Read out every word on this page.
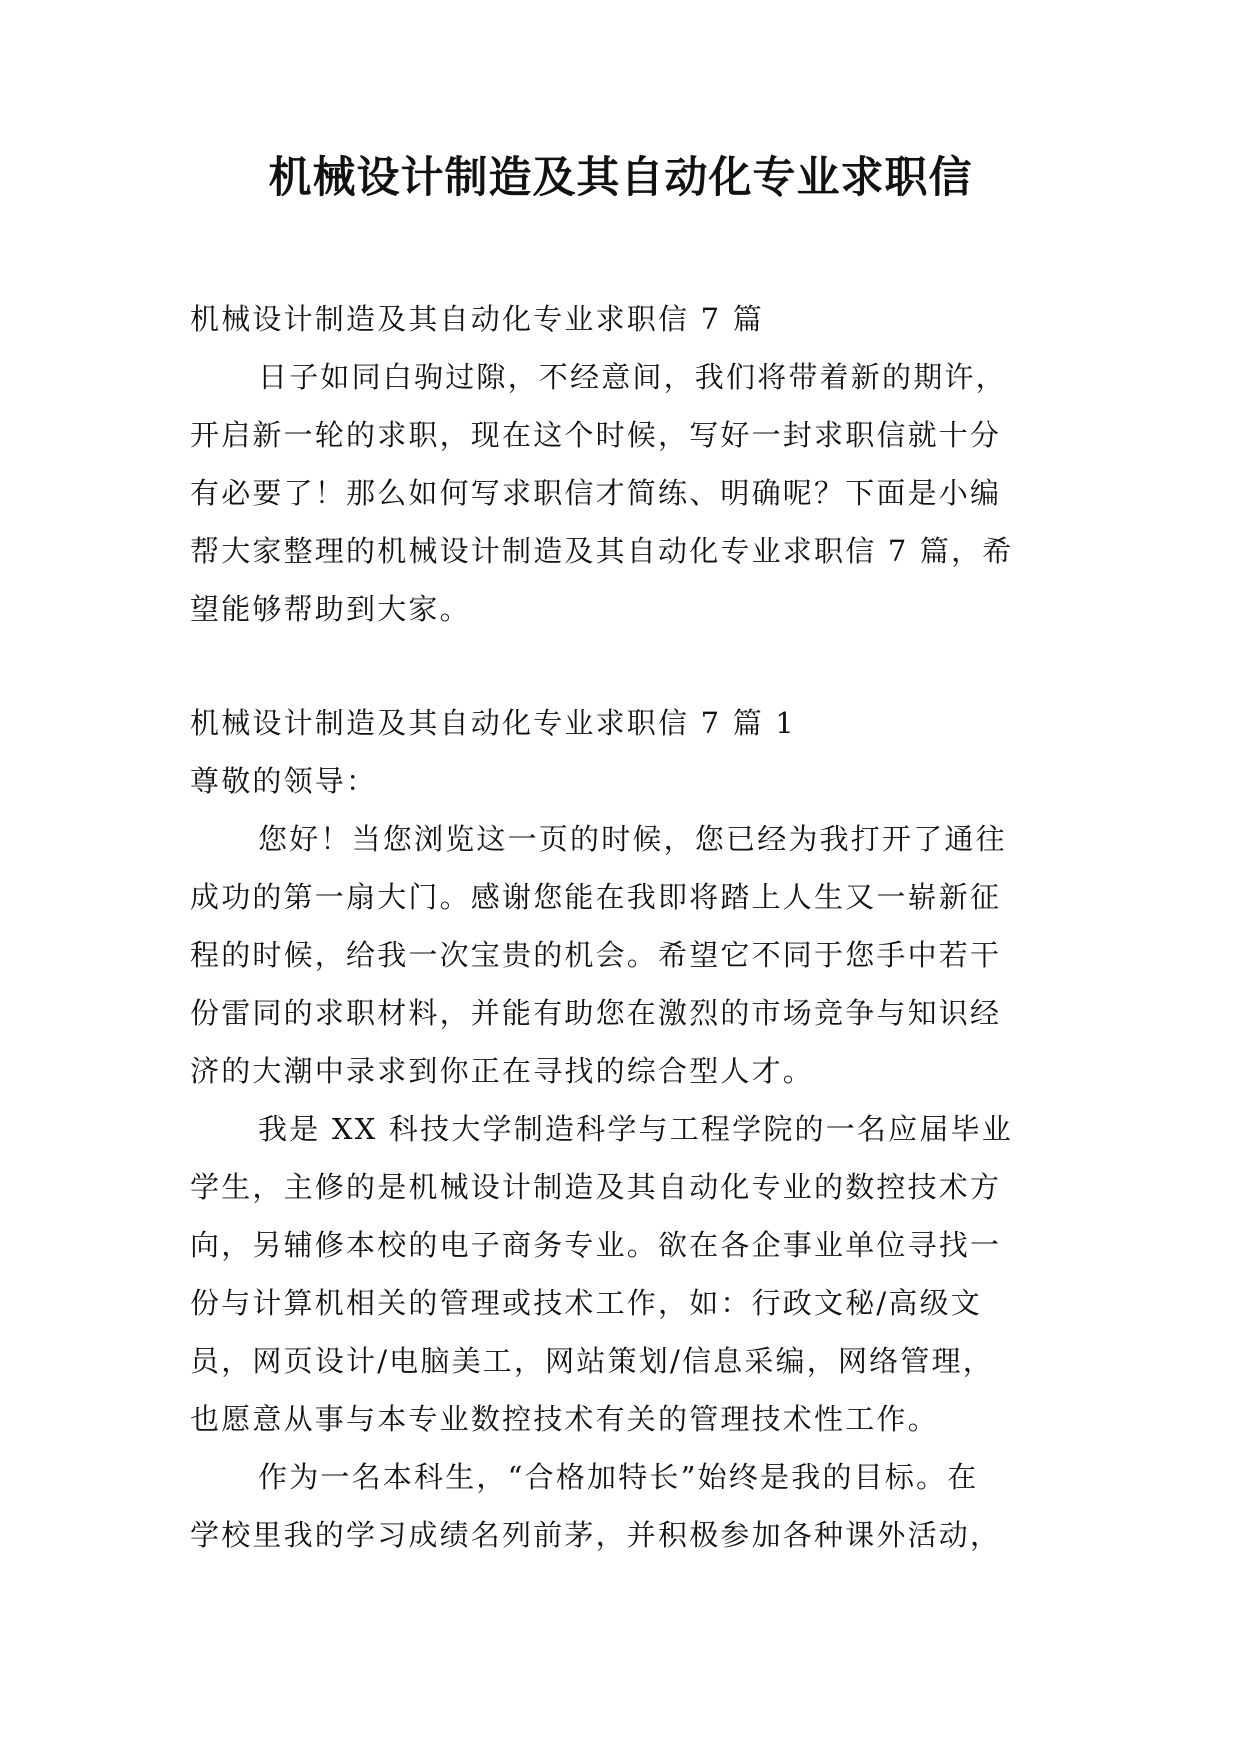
机械设计制造及其自动化专业求职信
机械设计制造及其自动化专业求职信 7 篇
日子如同白驹过隙，不经意间，我们将带着新的期许，
开启新一轮的求职，现在这个时候，写好一封求职信就十分
有必要了！那么如何写求职信才简练、明确呢？下面是小编
帮大家整理的机械设计制造及其自动化专业求职信 7 篇，希
望能够帮助到大家。
机械设计制造及其自动化专业求职信 7 篇 1
尊敬的领导：
您好！当您浏览这一页的时候，您已经为我打开了通往
成功的第一扇大门。感谢您能在我即将踏上人生又一崭新征
程的时候，给我一次宝贵的机会。希望它不同于您手中若干
份雷同的求职材料，并能有助您在激烈的市场竞争与知识经
济的大潮中录求到你正在寻找的综合型人才。
我是 XX 科技大学制造科学与工程学院的一名应届毕业
学生，主修的是机械设计制造及其自动化专业的数控技术方
向，另辅修本校的电子商务专业。欲在各企事业单位寻找一
份与计算机相关的管理或技术工作，如：行政文秘/高级文
员，网页设计/电脑美工，网站策划/信息采编，网络管理，
也愿意从事与本专业数控技术有关的管理技术性工作。
作为一名本科生，“合格加特长”始终是我的目标。在
学校里我的学习成绩名列前茅，并积极参加各种课外活动，
